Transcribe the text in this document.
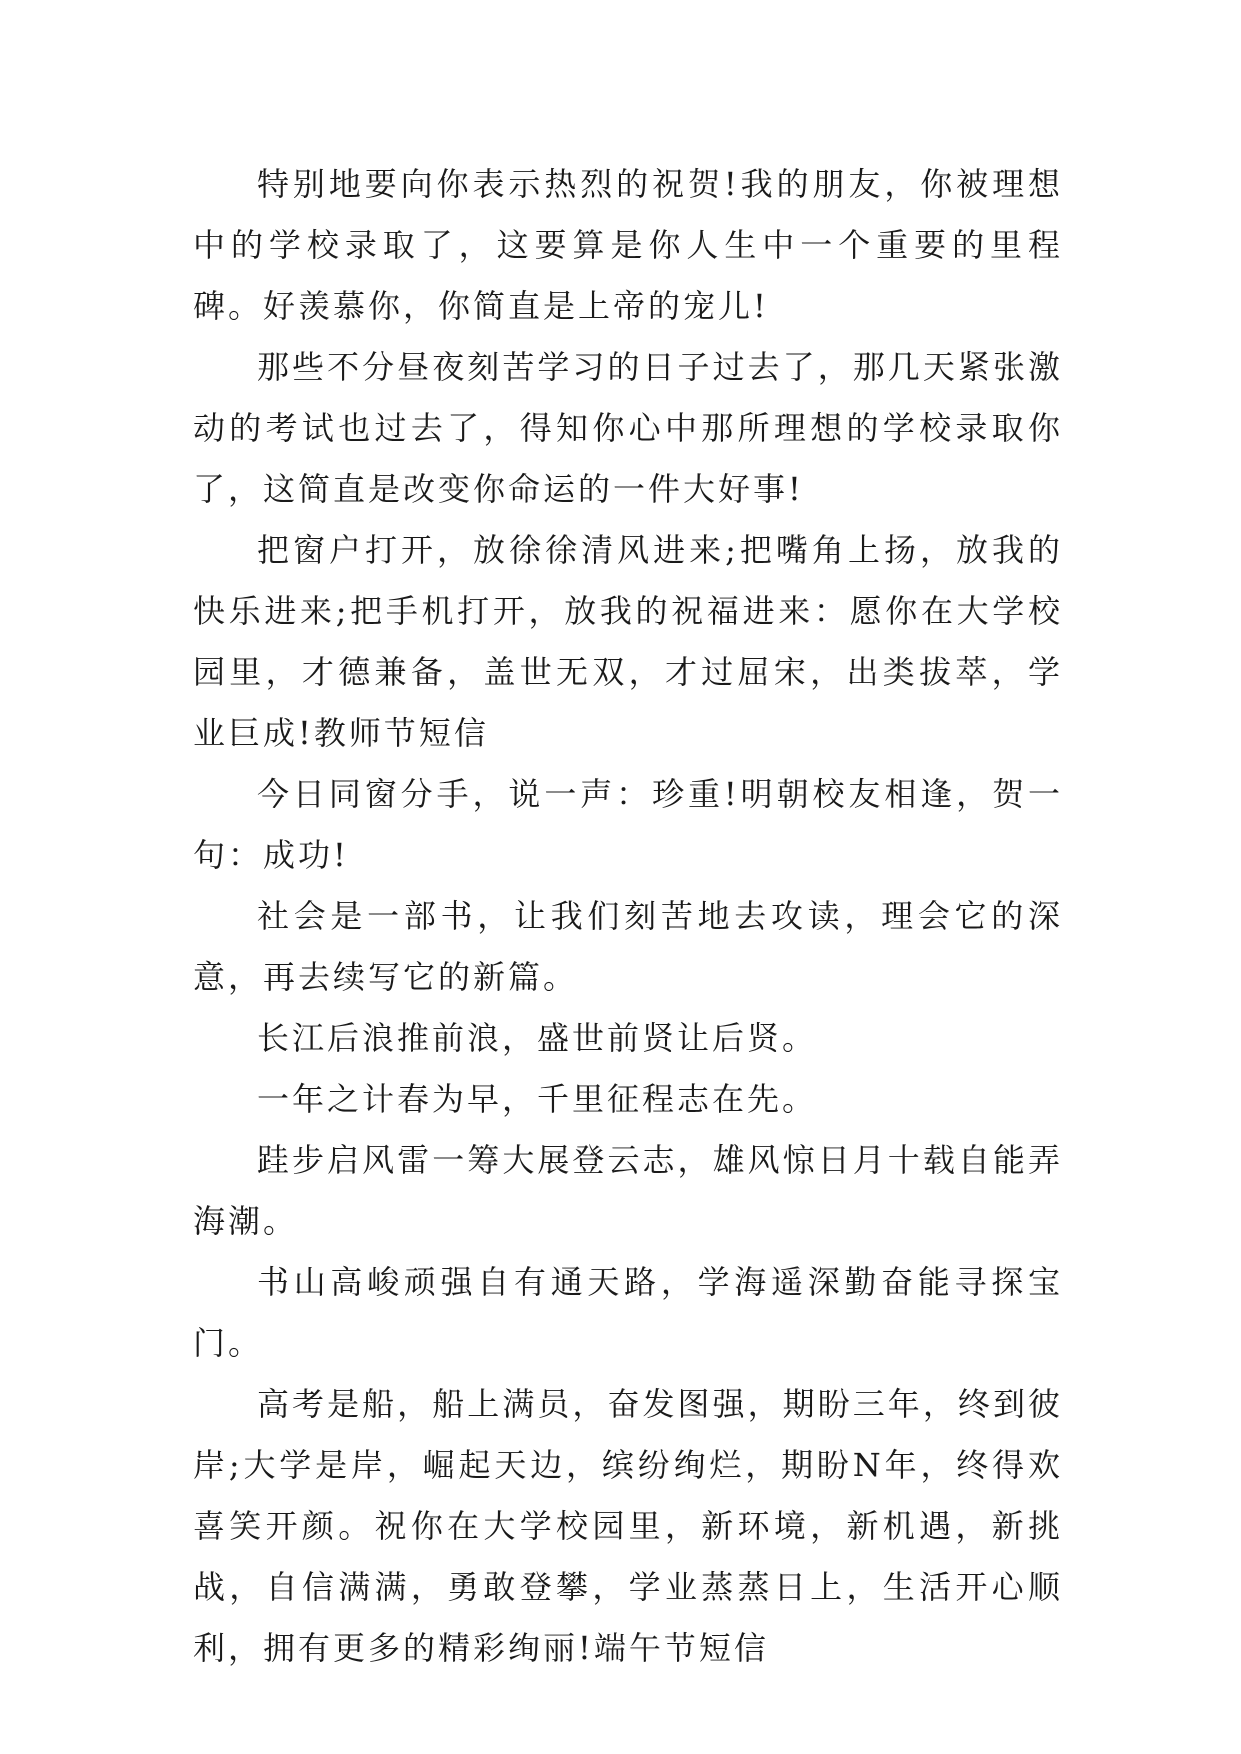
特别地要向你表示热烈的祝贺!我的朋友，你被理想中的学校录取了，这要算是你人生中一个重要的里程碑。好羡慕你，你简直是上帝的宠儿!

那些不分昼夜刻苦学习的日子过去了，那几天紧张激动的考试也过去了，得知你心中那所理想的学校录取你了，这简直是改变你命运的一件大好事!

把窗户打开，放徐徐清风进来;把嘴角上扬，放我的快乐进来;把手机打开，放我的祝福进来：愿你在大学校园里，才德兼备，盖世无双，才过屈宋，出类拔萃，学业巨成!教师节短信

今日同窗分手，说一声：珍重!明朝校友相逢，贺一句：成功!

社会是一部书，让我们刻苦地去攻读，理会它的深意，再去续写它的新篇。

长江后浪推前浪，盛世前贤让后贤。

一年之计春为早，千里征程志在先。

跬步启风雷一筹大展登云志，雄风惊日月十载自能弄海潮。

书山高峻顽强自有通天路，学海遥深勤奋能寻探宝门。

高考是船，船上满员，奋发图强，期盼三年，终到彼岸;大学是岸，崛起天边，缤纷绚烂，期盼N年，终得欢喜笑开颜。祝你在大学校园里，新环境，新机遇，新挑战，自信满满，勇敢登攀，学业蒸蒸日上，生活开心顺利，拥有更多的精彩绚丽!端午节短信
